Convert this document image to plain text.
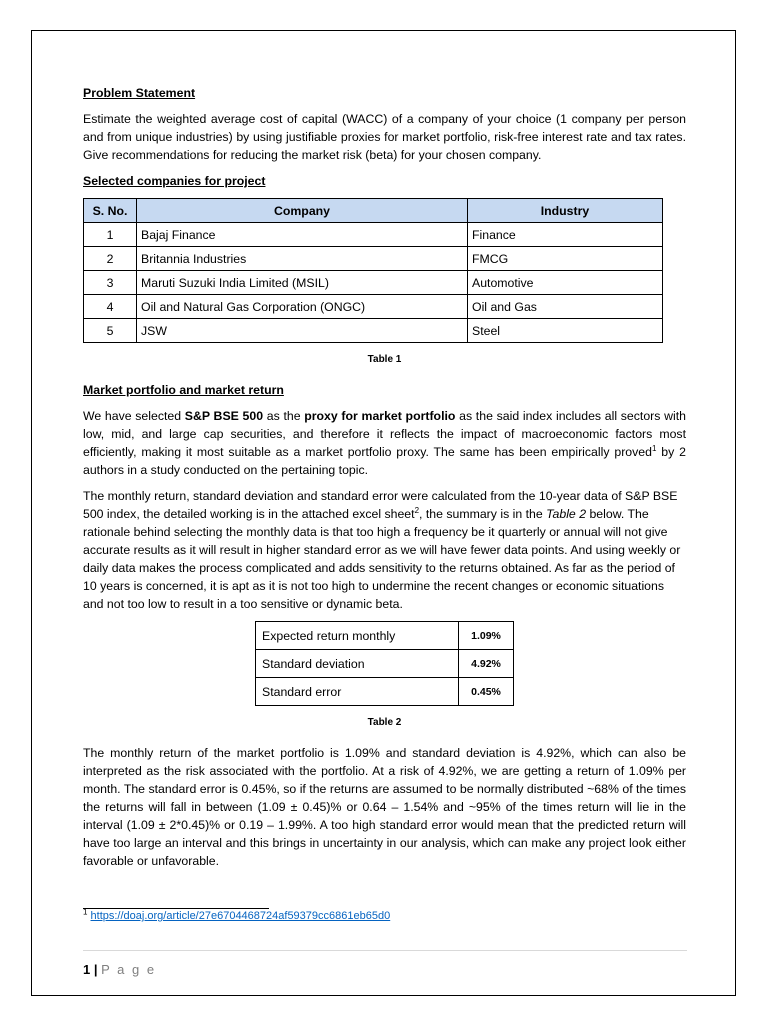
Problem Statement

Estimate the weighted average cost of capital (WACC) of a company of your choice (1 company per person and from unique industries) by using justifiable proxies for market portfolio, risk-free interest rate and tax rates. Give recommendations for reducing the market risk (beta) for your chosen company.

Selected companies for project
S. No.	Company	Industry
1	Bajaj Finance	Finance
2	Britannia Industries	FMCG
3	Maruti Suzuki India Limited (MSIL)	Automotive
4	Oil and Natural Gas Corporation (ONGC)	Oil and Gas
5	JSW	Steel
Table 1
Market portfolio and market return

We have selected S&P BSE 500 as the proxy for market portfolio as the said index includes all sectors with low, mid, and large cap securities, and therefore it reflects the impact of macroeconomic factors most efficiently, making it most suitable as a market portfolio proxy. The same has been empirically proved$^1$ by 2 authors in a study conducted on the pertaining topic.

The monthly return, standard deviation and standard error were calculated from the 10-year data of S&P BSE 500 index, the detailed working is in the attached excel sheet$^2$, the summary is in the Table 2 below. The rationale behind selecting the monthly data is that too high a frequency be it quarterly or annual will not give accurate results as it will result in higher standard error as we will have fewer data points. And using weekly or daily data makes the process complicated and adds sensitivity to the returns obtained. As far as the period of 10 years is concerned, it is apt as it is not too high to undermine the recent changes or economic situations and not too low to result in a too sensitive or dynamic beta.

Expected return monthly	1.09%
Standard deviation	4.92%
Standard error	0.45%
Table 2

The monthly return of the market portfolio is 1.09% and standard deviation is 4.92%, which can also be interpreted as the risk associated with the portfolio. At a risk of 4.92%, we are getting a return of 1.09% per month. The standard error is 0.45%, so if the returns are assumed to be normally distributed ~68% of the times the returns will fall in between (1.09 ± 0.45)% or 0.64 – 1.54% and ~95% of the times return will lie in the interval (1.09 ± 2*0.45)% or 0.19 – 1.99%. A too high standard error would mean that the predicted return will have too large an interval and this brings in uncertainty in our analysis, which can make any project look either favorable or unfavorable.

$^1$ https://doaj.org/article/27e6704468724af59379cc6861eb65d0
1 | P a g e
